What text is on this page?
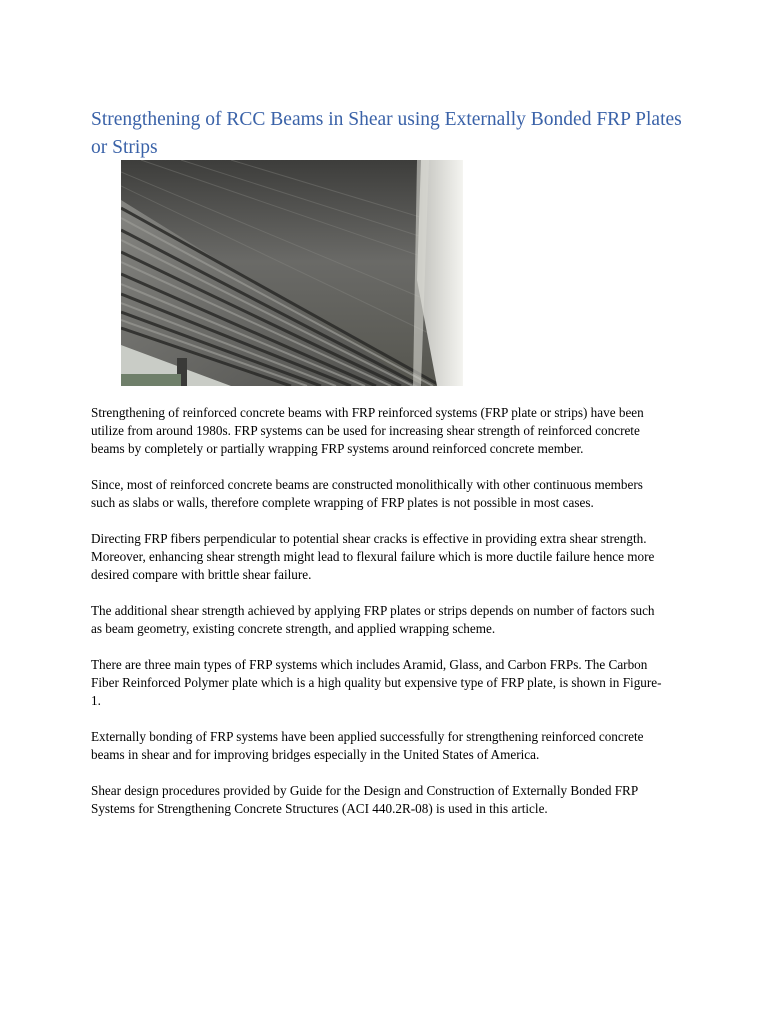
Strengthening of RCC Beams in Shear using Externally Bonded FRP Plates or Strips

Strengthening of reinforced concrete beams with FRP reinforced systems (FRP plate or strips) have been utilize from around 1980s. FRP systems can be used for increasing shear strength of reinforced concrete beams by completely or partially wrapping FRP systems around reinforced concrete member.

Since, most of reinforced concrete beams are constructed monolithically with other continuous members such as slabs or walls, therefore complete wrapping of FRP plates is not possible in most cases.

Directing FRP fibers perpendicular to potential shear cracks is effective in providing extra shear strength. Moreover, enhancing shear strength might lead to flexural failure which is more ductile failure hence more desired compare with brittle shear failure.

The additional shear strength achieved by applying FRP plates or strips depends on number of factors such as beam geometry, existing concrete strength, and applied wrapping scheme.

There are three main types of FRP systems which includes Aramid, Glass, and Carbon FRPs. The Carbon Fiber Reinforced Polymer plate which is a high quality but expensive type of FRP plate, is shown in Figure-1.

Externally bonding of FRP systems have been applied successfully for strengthening reinforced concrete beams in shear and for improving bridges especially in the United States of America.

Shear design procedures provided by Guide for the Design and Construction of Externally Bonded FRP Systems for Strengthening Concrete Structures (ACI 440.2R-08) is used in this article.
